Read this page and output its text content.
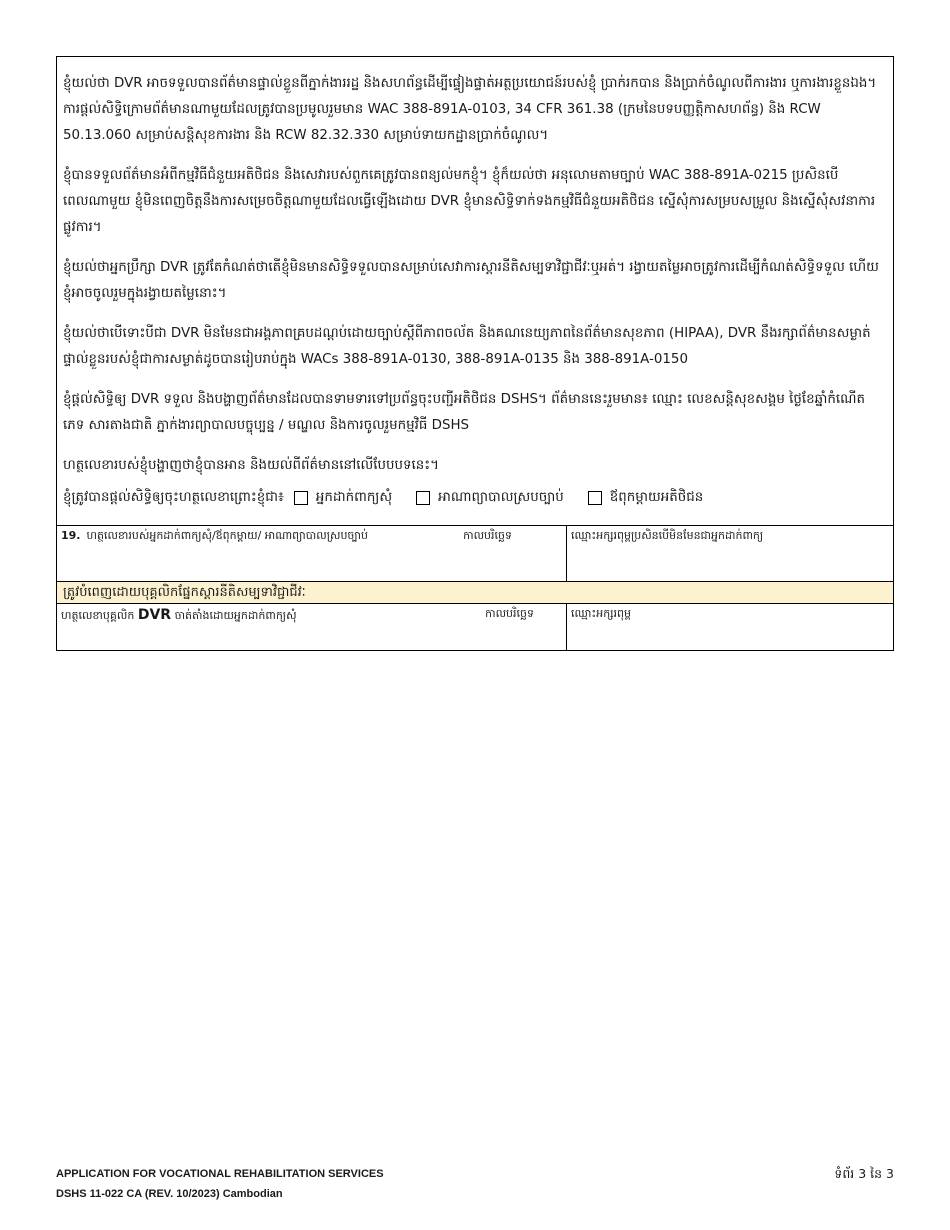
ខ្ញុំយល់ថា DVR អាចទទួលបានព័ត៌មានផ្ទាល់ខ្លួនពីភ្នាក់ងាររដ្ឋ និងសហព័ន្ធដើម្បីផ្ទៀងផ្ទាត់អត្ថប្រយោជន៍របស់ខ្ញុំ ប្រាក់រកបាន និងប្រាក់ចំណូលពីការងារ ឬការងារខ្លួនឯង។ ការផ្តល់សិទ្ធិក្រោមព័ត៌មានណាមួយដែលត្រូវបានប្រមូលរួមមាន WAC 388-891A-0103, 34 CFR 361.38 (ក្រមនៃបទបញ្ញត្តិកាសហព័ន្ធ) និង RCW 50.13.060 សម្រាប់សន្តិសុខការងារ និង RCW 82.32.330 សម្រាប់ទាយកដ្ឋានប្រាក់ចំណូល។

ខ្ញុំបានទទួលព័ត៌មានអំពីកម្មវិធីជំនួយអតិថិជន និងសេវារបស់ពួកគេត្រូវបានពន្យល់មកខ្ញុំ។ ខ្ញុំក៏យល់ថា អនុលោមតាមច្បាប់ WAC 388-891A-0215 ប្រសិនបើពេលណាមួយ ខ្ញុំមិនពេញចិត្តនឹងការសម្រេចចិត្តណាមួយដែលធ្វើឡើងដោយ DVR ខ្ញុំមានសិទ្ធិទាក់ទងកម្មវិធីជំនួយអតិថិជន ស្នើសុំការសម្របសម្រួល និងស្នើសុំសវនាការផ្លូវការ។

ខ្ញុំយល់ថាអ្នកប្រឹក្សា DVR ត្រូវតែកំណត់ថាតើខ្ញុំមិនមានសិទ្ធិទទួលបានសម្រាប់សេវាការស្តារនីតិសម្បទាវិជ្ជាជីវៈឬអត់។ រង្វាយតម្លៃអាចត្រូវការដើម្បីកំណត់សិទ្ធិទទួល ហើយខ្ញុំអាចចូលរួមក្នុងរង្វាយតម្លៃនោះ។

ខ្ញុំយល់ថាបើទោះបីជា DVR មិនមែនជាអង្គភាពគ្របដណ្តប់ដោយច្បាប់ស្តីពីភាពចល័ត និងគណនេយ្យភាពនៃព័ត៌មានសុខភាព (HIPAA), DVR នឹងរក្សាព័ត៌មានសម្ងាត់ផ្ទាល់ខ្លួនរបស់ខ្ញុំជាការសម្ងាត់ដូចបានរៀបរាប់ក្នុង WACs 388-891A-0130, 388-891A-0135 និង 388-891A-0150

ខ្ញុំផ្តល់សិទ្ធិឲ្យ DVR ទទួល និងបង្ហាញព័ត៌មានដែលបានទាមទារទៅប្រព័ន្ធចុះបញ្ជីអតិថិជន DSHS។ ព័ត៌មាននេះរួមមាន៖ ឈ្មោះ លេខសន្តិសុខសង្គម ថ្ងៃខែឆ្នាំកំណើត ភេទ សារតាងជាតិ ភ្នាក់ងារព្យាបាលបច្ចុប្បន្ន / មណ្ឌល និងការចូលរួមកម្មវិធី DSHS

ហត្ថលេខារបស់ខ្ញុំបង្ហាញថាខ្ញុំបានអាន និងយល់ពីព័ត៌មាននៅលើបែបបទនេះ។

ខ្ញុំត្រូវបានផ្តល់សិទ្ធិឲ្យចុះហត្ថលេខាព្រោះខ្ញុំជា៖ អ្នកដាក់ពាក្យសុំ	អាណាព្យាបាលស្របច្បាប់	ឪពុកម្តាយអតិថិជន
19. ហត្ថលេខារបស់អ្នកដាក់ពាក្យសុំ/ឪពុកម្តាយ/ អាណាព្យាបាលស្របច្បាប់	កាលបរិច្ឆេទ	ឈ្មោះអក្សរពុម្ពប្រសិនបើមិនមែនជាអ្នកដាក់ពាក្យ
ត្រូវបំពេញដោយបុគ្គលិកផ្នែកស្តារនីតិសម្បទាវិជ្ជាជីវៈ
ហត្ថលេខាបុគ្គលិក DVR ចាត់តាំងដោយអ្នកដាក់ពាក្យសុំ	កាលបរិច្ឆេទ	ឈ្មោះអក្សរពុម្ព
APPLICATION FOR VOCATIONAL REHABILITATION SERVICES
DSHS 11-022 CA (REV. 10/2023) Cambodian
ទំព័រ 3 នៃ 3
